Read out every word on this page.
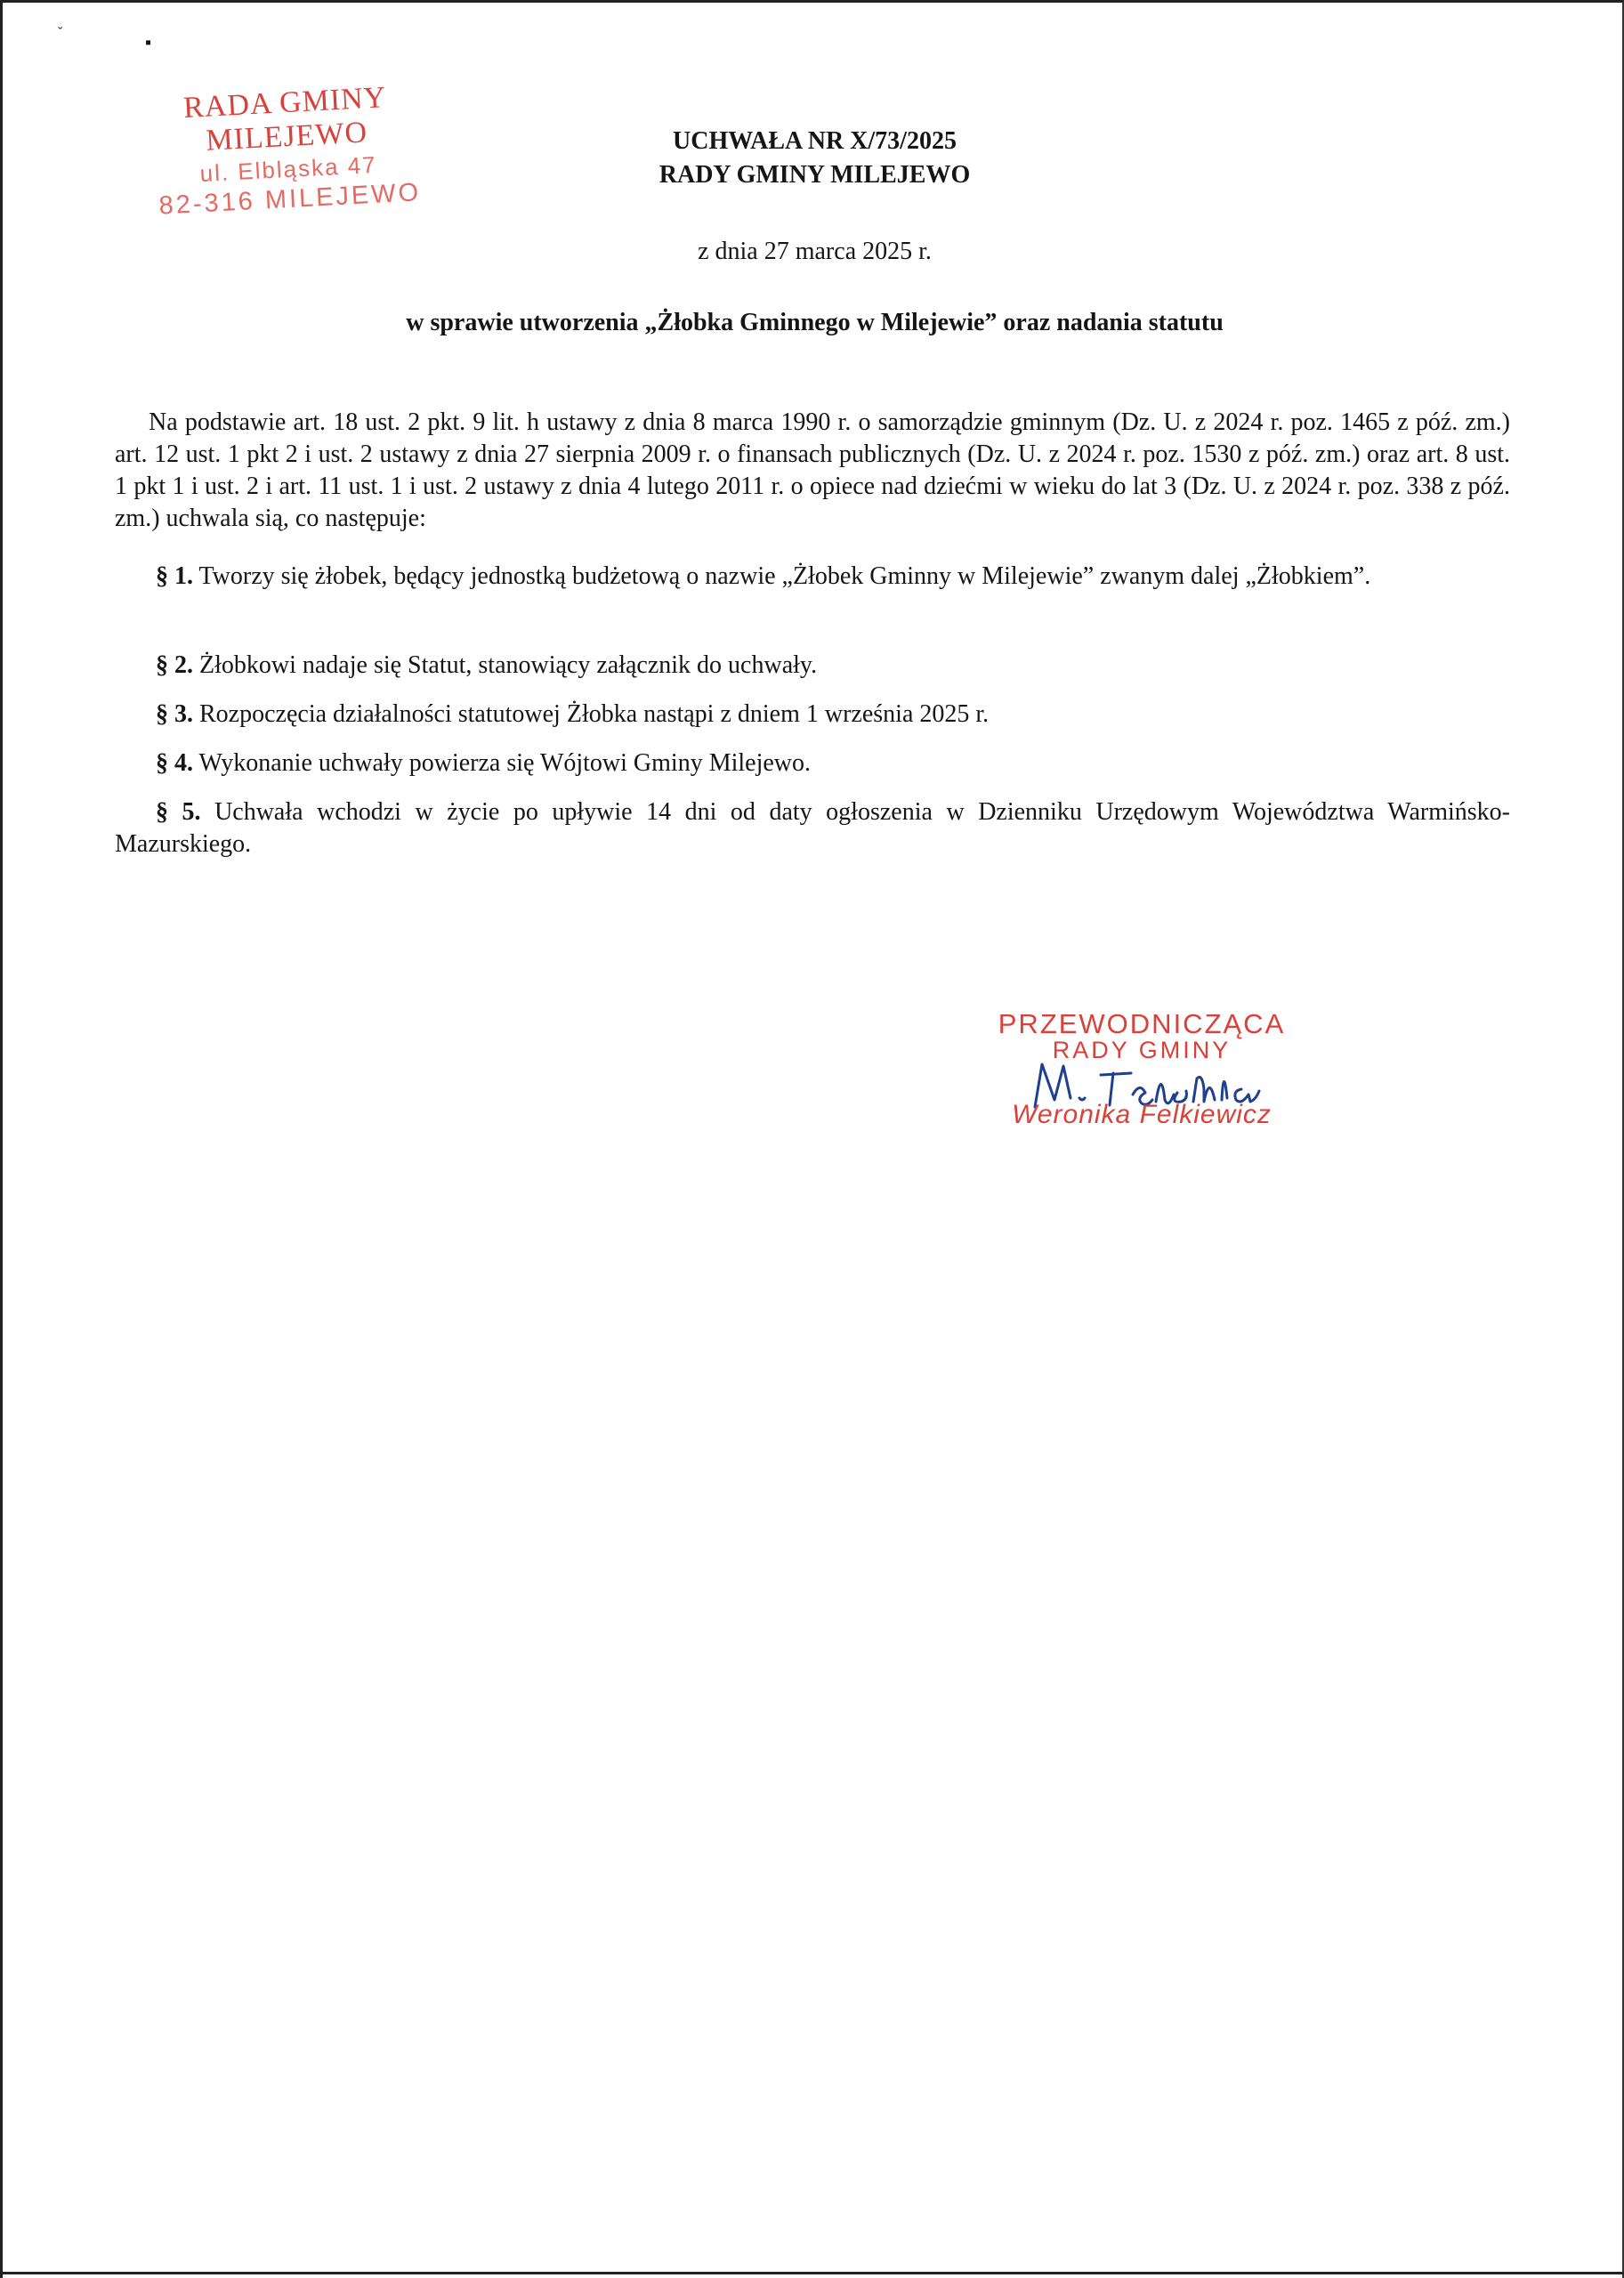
ˇ	▪
RADA GMINY MILEJEWO
ul. Elbląska 47
82-316 MILEJEWO
UCHWAŁA NR X/73/2025
RADY GMINY MILEJEWO
z dnia 27 marca 2025 r.
w sprawie utworzenia „Żłobka Gminnego w Milejewie” oraz nadania statutu
Na podstawie art. 18 ust. 2 pkt. 9 lit. h ustawy z dnia 8 marca 1990 r. o samorządzie gminnym (Dz. U. z 2024 r. poz. 1465 z póź. zm.) art. 12 ust. 1 pkt 2 i ust. 2 ustawy z dnia 27 sierpnia 2009 r. o finansach publicznych (Dz. U. z 2024 r. poz. 1530 z póź. zm.) oraz art. 8 ust. 1 pkt 1 i ust. 2 i art. 11 ust. 1 i ust. 2 ustawy z dnia 4 lutego 2011 r. o opiece nad dziećmi w wieku do lat 3 (Dz. U. z 2024 r. poz. 338 z póź. zm.) uchwala sią, co następuje:
§ 1. Tworzy się żłobek, będący jednostką budżetową o nazwie „Żłobek Gminny w Milejewie” zwanym dalej „Żłobkiem”.
§ 2. Żłobkowi nadaje się Statut, stanowiący załącznik do uchwały.
§ 3. Rozpoczęcia działalności statutowej Żłobka nastąpi z dniem 1 września 2025 r.
§ 4. Wykonanie uchwały powierza się Wójtowi Gminy Milejewo.
§ 5. Uchwała wchodzi w życie po upływie 14 dni od daty ogłoszenia w Dzienniku Urzędowym Województwa Warmińsko-Mazurskiego.
PRZEWODNICZĄCA
RADY GMINY
Weronika Felkiewicz
